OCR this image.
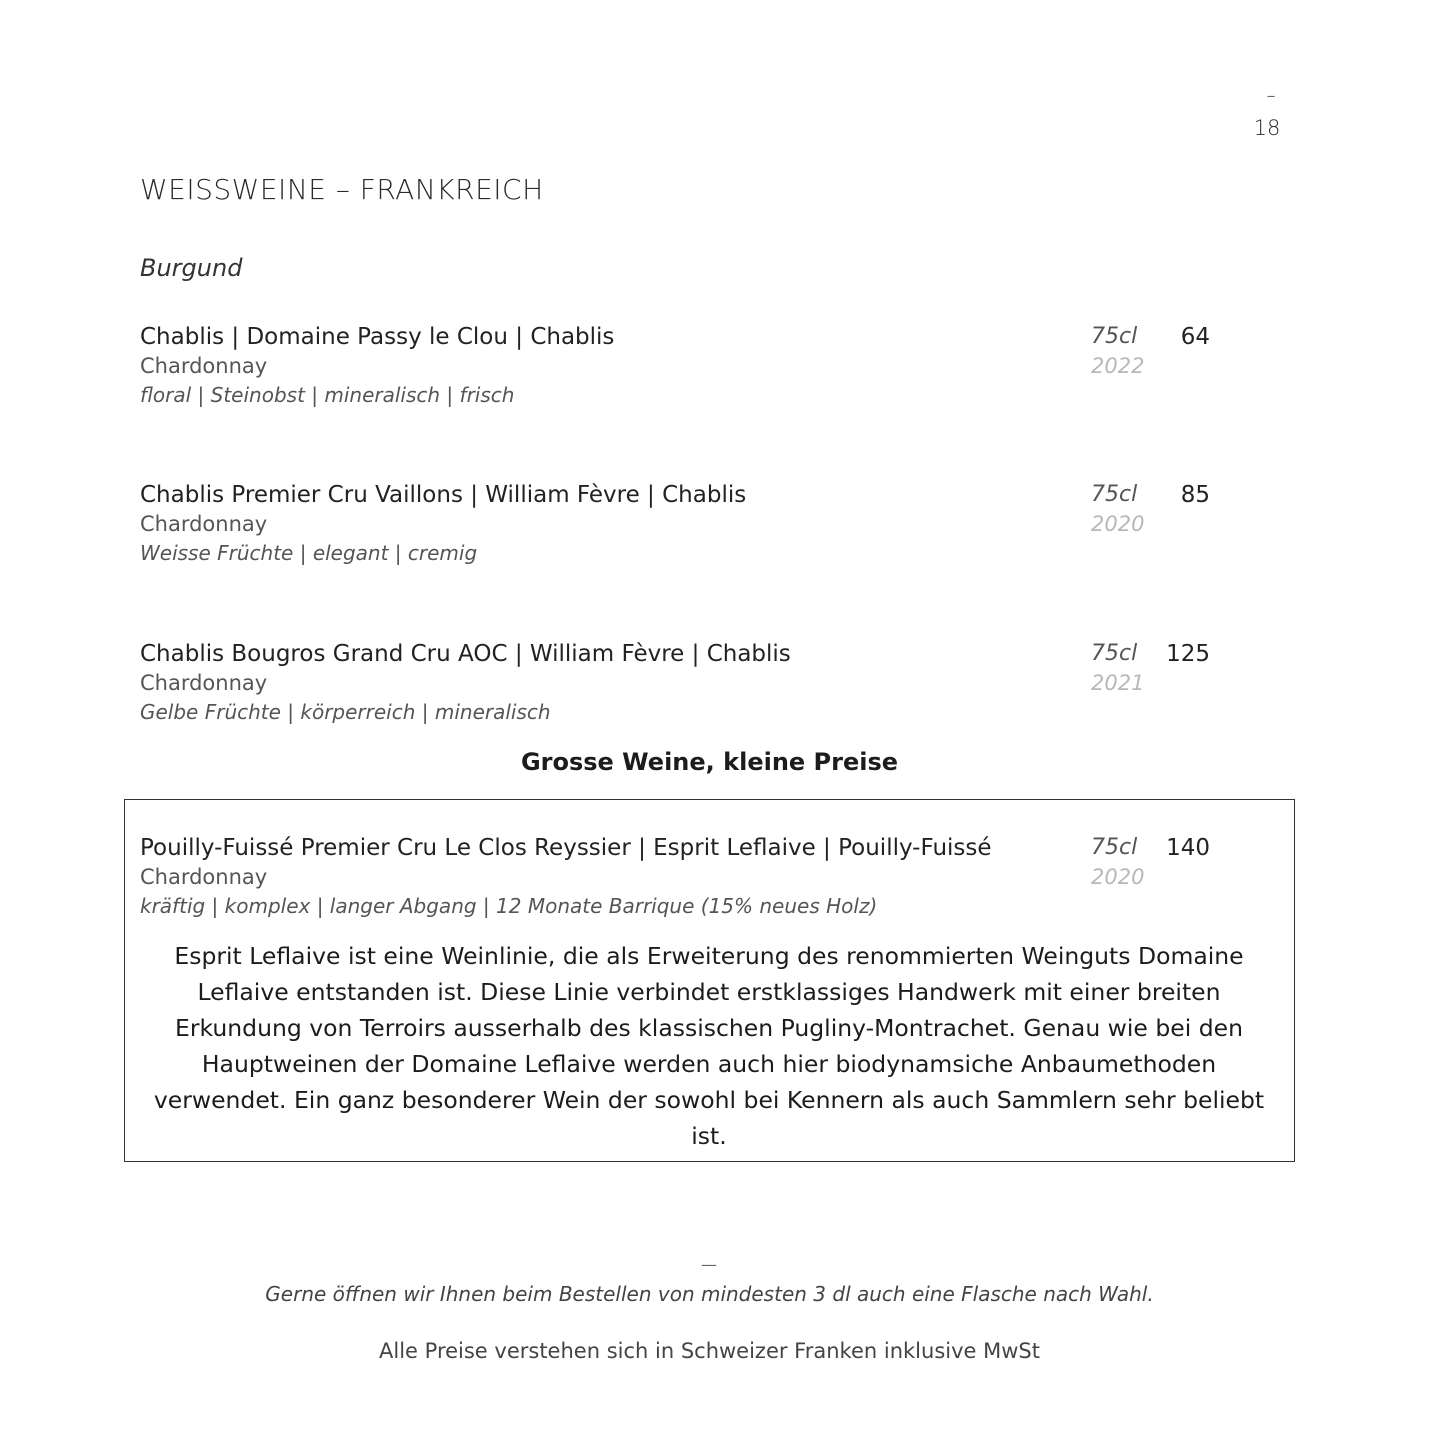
–
18
WEISSWEINE – FRANKREICH
Burgund
Chablis | Domaine Passy le Clou | Chablis
Chardonnay
floral | Steinobst | mineralisch | frisch
75cl
2022
64
Chablis Premier Cru Vaillons | William Fèvre | Chablis
Chardonnay
Weisse Früchte | elegant | cremig
75cl
2020
85
Chablis Bougros Grand Cru AOC | William Fèvre | Chablis
Chardonnay
Gelbe Früchte | körperreich | mineralisch
75cl
2021
125
Grosse Weine, kleine Preise
Pouilly-Fuissé Premier Cru Le Clos Reyssier | Esprit Leflaive | Pouilly-Fuissé
Chardonnay
kräftig | komplex | langer Abgang | 12 Monate Barrique (15% neues Holz)
75cl
2020
140
Esprit Leflaive ist eine Weinlinie, die als Erweiterung des renommierten Weinguts Domaine Leflaive entstanden ist. Diese Linie verbindet erstklassiges Handwerk mit einer breiten Erkundung von Terroirs ausserhalb des klassischen Pugliny-Montrachet. Genau wie bei den Hauptweinen der Domaine Leflaive werden auch hier biodynamsiche Anbaumethoden verwendet. Ein ganz besonderer Wein der sowohl bei Kennern als auch Sammlern sehr beliebt ist.
—
Gerne öffnen wir Ihnen beim Bestellen von mindesten 3 dl auch eine Flasche nach Wahl.
Alle Preise verstehen sich in Schweizer Franken inklusive MwSt
